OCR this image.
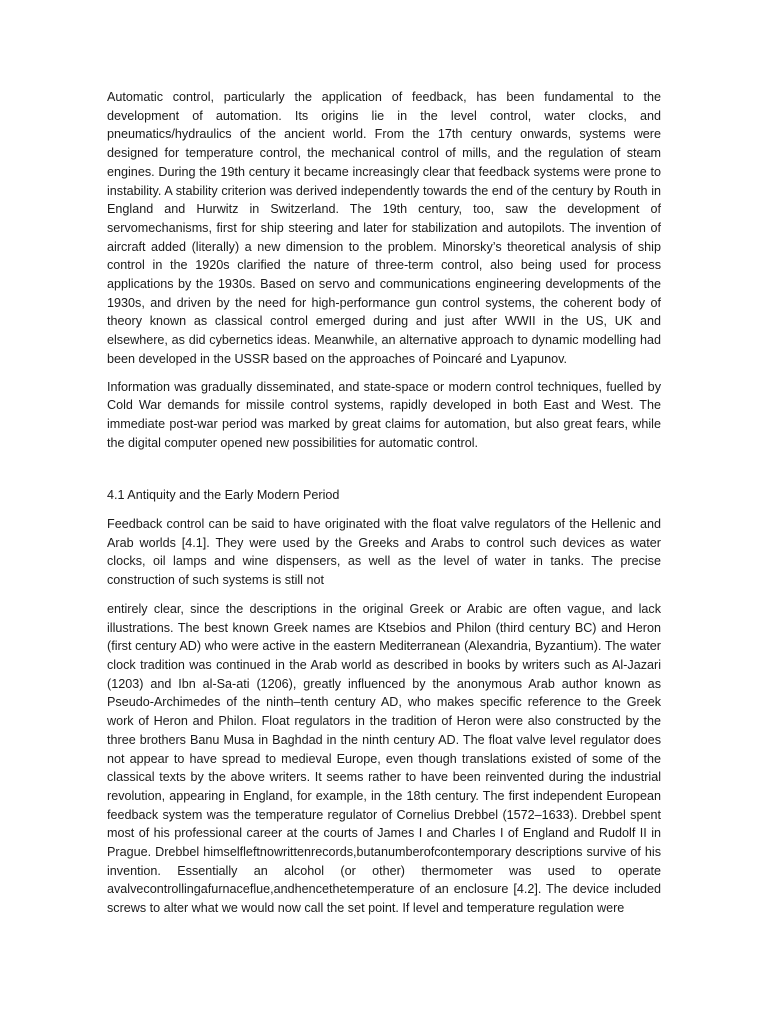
Automatic control, particularly the application of feedback, has been fundamental to the development of automation. Its origins lie in the level control, water clocks, and pneumatics/hydraulics of the ancient world. From the 17th century onwards, systems were designed for temperature control, the mechanical control of mills, and the regulation of steam engines. During the 19th century it became increasingly clear that feedback systems were prone to instability. A stability criterion was derived independently towards the end of the century by Routh in England and Hurwitz in Switzerland. The 19th century, too, saw the development of servomechanisms, first for ship steering and later for stabilization and autopilots. The invention of aircraft added (literally) a new dimension to the problem. Minorsky’s theoretical analysis of ship control in the 1920s clarified the nature of three-term control, also being used for process applications by the 1930s. Based on servo and communications engineering developments of the 1930s, and driven by the need for high-performance gun control systems, the coherent body of theory known as classical control emerged during and just after WWII in the US, UK and elsewhere, as did cybernetics ideas. Meanwhile, an alternative approach to dynamic modelling had been developed in the USSR based on the approaches of Poincaré and Lyapunov.

Information was gradually disseminated, and state-space or modern control techniques, fuelled by Cold War demands for missile control systems, rapidly developed in both East and West. The immediate post-war period was marked by great claims for automation, but also great fears, while the digital computer opened new possibilities for automatic control.

4.1 Antiquity and the Early Modern Period

Feedback control can be said to have originated with the float valve regulators of the Hellenic and Arab worlds [4.1]. They were used by the Greeks and Arabs to control such devices as water clocks, oil lamps and wine dispensers, as well as the level of water in tanks. The precise construction of such systems is still not

entirely clear, since the descriptions in the original Greek or Arabic are often vague, and lack illustrations. The best known Greek names are Ktsebios and Philon (third century BC) and Heron (first century AD) who were active in the eastern Mediterranean (Alexandria, Byzantium). The water clock tradition was continued in the Arab world as described in books by writers such as Al-Jazari (1203) and Ibn al-Sa-ati (1206), greatly influenced by the anonymous Arab author known as Pseudo-Archimedes of the ninth–tenth century AD, who makes specific reference to the Greek work of Heron and Philon. Float regulators in the tradition of Heron were also constructed by the three brothers Banu Musa in Baghdad in the ninth century AD. The float valve level regulator does not appear to have spread to medieval Europe, even though translations existed of some of the classical texts by the above writers. It seems rather to have been reinvented during the industrial revolution, appearing in England, for example, in the 18th century. The first independent European feedback system was the temperature regulator of Cornelius Drebbel (1572–1633). Drebbel spent most of his professional career at the courts of James I and Charles I of England and Rudolf II in Prague. Drebbel himselfleftnowrittenrecords,butanumberofcontemporary descriptions survive of his invention. Essentially an alcohol (or other) thermometer was used to operate avalvecontrollingafurnaceflue,andhencethetemperature of an enclosure [4.2]. The device included screws to alter what we would now call the set point. If level and temperature regulation were
